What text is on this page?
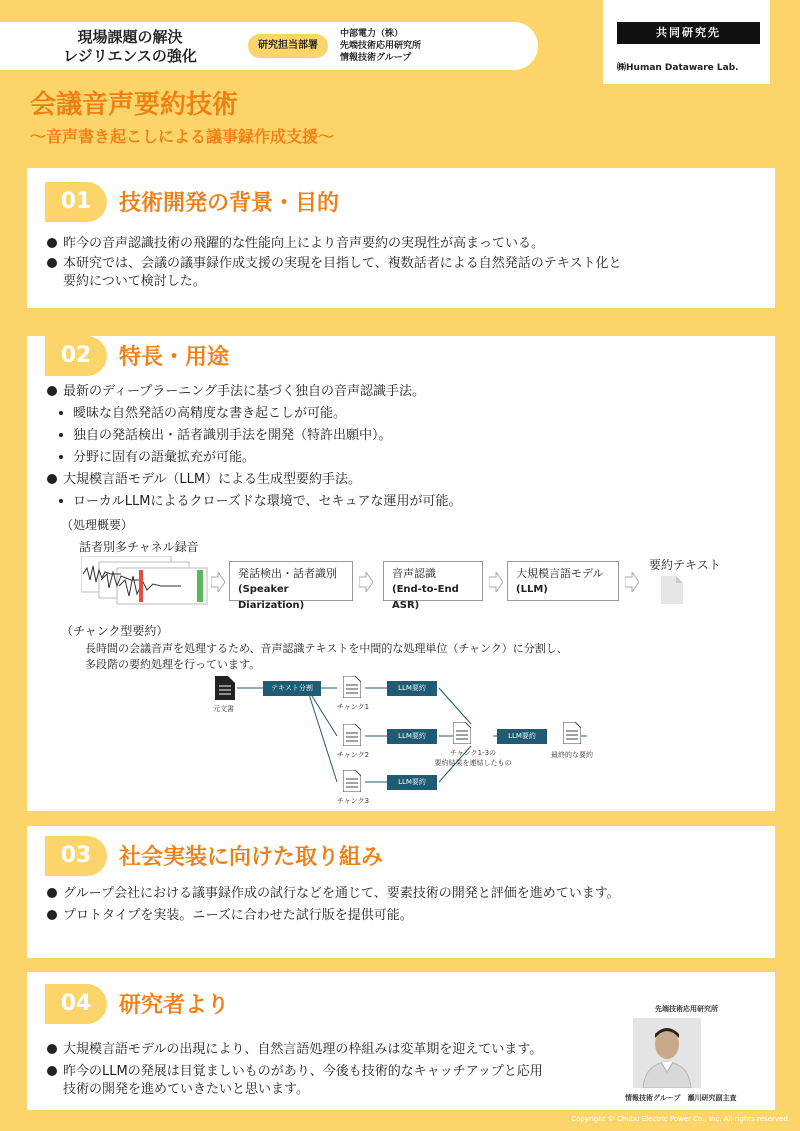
現場課題の解決
レジリエンスの強化
研究担当部署
中部電力（株）
先端技術応用研究所
情報技術グループ
共同研究先
㈱Human Dataware Lab.
会議音声要約技術
～音声書き起こしによる議事録作成支援～
01	技術開発の背景・目的
昨今の音声認識技術の飛躍的な性能向上により音声要約の実現性が高まっている。
本研究では、会議の議事録作成支援の実現を目指して、複数話者による自然発話のテキスト化と
要約について検討した。
02	特長・用途
最新のディープラーニング手法に基づく独自の音声認識手法。
曖昧な自然発話の高精度な書き起こしが可能。
独自の発話検出・話者識別手法を開発（特許出願中）。
分野に固有の語彙拡充が可能。
大規模言語モデル（LLM）による生成型要約手法。
ローカルLLMによるクローズドな環境で、セキュアな運用が可能。
（処理概要）
話者別多チャネル録音
発話検出・話者識別
(Speaker Diarization)
音声認識
(End-to-End ASR)
大規模言語モデル
(LLM)
要約テキスト
（チャンク型要約）
長時間の会議音声を処理するため、音声認識テキストを中間的な処理単位（チャンク）に分割し、
多段階の要約処理を行っています。
元文書
テキスト分割
チャンク1
チャンク2
チャンク3
LLM要約
LLM要約
LLM要約
チャンク1-3の
要約結果を連結したもの
LLM要約
最終的な要約
03	社会実装に向けた取り組み
グループ会社における議事録作成の試行などを通じて、要素技術の開発と評価を進めています。
プロトタイプを実装。ニーズに合わせた試行版を提供可能。
04	研究者より
大規模言語モデルの出現により、自然言語処理の枠組みは変革期を迎えています。
昨今のLLMの発展は目覚ましいものがあり、今後も技術的なキャッチアップと応用
技術の開発を進めていきたいと思います。
先端技術応用研究所
情報技術グループ　瀬川研究副主査
Copyright © Chubu Electric Power Co., Inc. All rights reserved.
